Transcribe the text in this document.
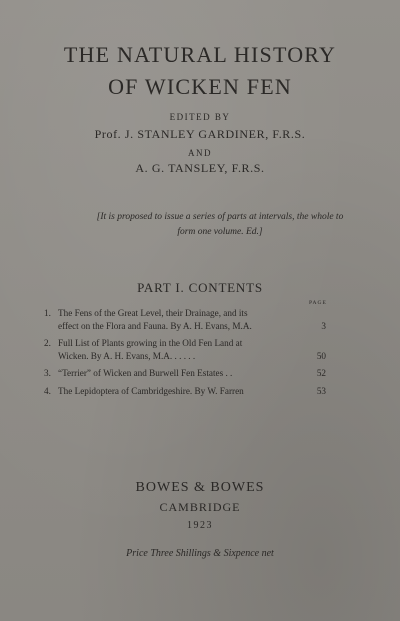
THE NATURAL HISTORY
OF WICKEN FEN
EDITED BY
Prof. J. STANLEY GARDINER, F.R.S.
AND
A. G. TANSLEY, F.R.S.
[It is proposed to issue a series of parts at intervals, the whole to form one volume. Ed.]
PART I. CONTENTS
PAGE
1. The Fens of the Great Level, their Drainage, and its
effect on the Flora and Fauna. By A. H. Evans, M.A.	3
2. Full List of Plants growing in the Old Fen Land at
Wicken. By A. H. Evans, M.A. . . . . .	50
3. “Terrier” of Wicken and Burwell Fen Estates . .	52
4. The Lepidoptera of Cambridgeshire. By W. Farren	53
BOWES & BOWES
CAMBRIDGE
1923
Price Three Shillings & Sixpence net
